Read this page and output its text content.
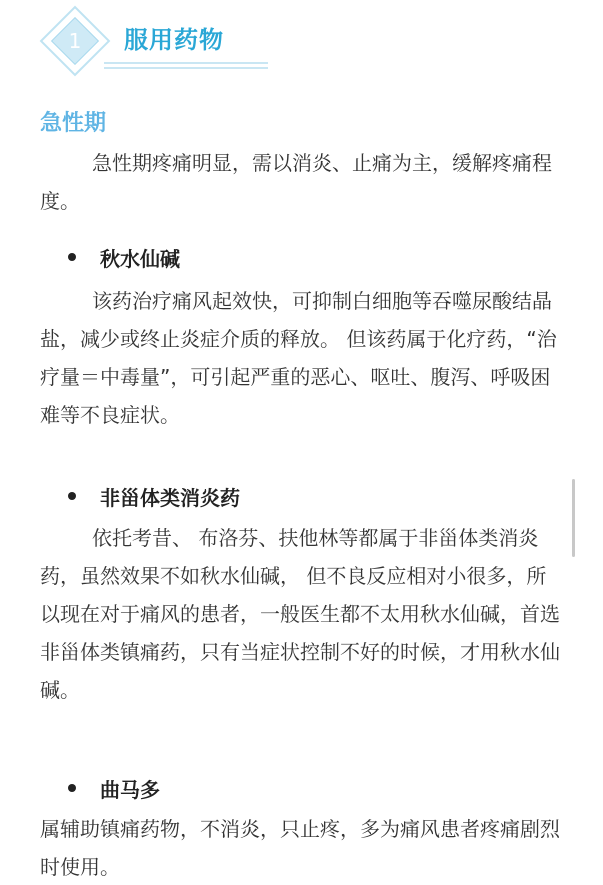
1	服用药物
急性期
急性期疼痛明显，需以消炎、止痛为主，缓解疼痛程度。
秋水仙碱
该药治疗痛风起效快，可抑制白细胞等吞噬尿酸结晶盐，减少或终止炎症介质的释放。 但该药属于化疗药，“治疗量＝中毒量”，可引起严重的恶心、呕吐、腹泻、呼吸困难等不良症状。
非甾体类消炎药
依托考昔、 布洛芬、扶他林等都属于非甾体类消炎药，虽然效果不如秋水仙碱， 但不良反应相对小很多，所以现在对于痛风的患者，一般医生都不太用秋水仙碱，首选非甾体类镇痛药，只有当症状控制不好的时候，才用秋水仙碱。
曲马多
属辅助镇痛药物，不消炎，只止疼，多为痛风患者疼痛剧烈时使用。
